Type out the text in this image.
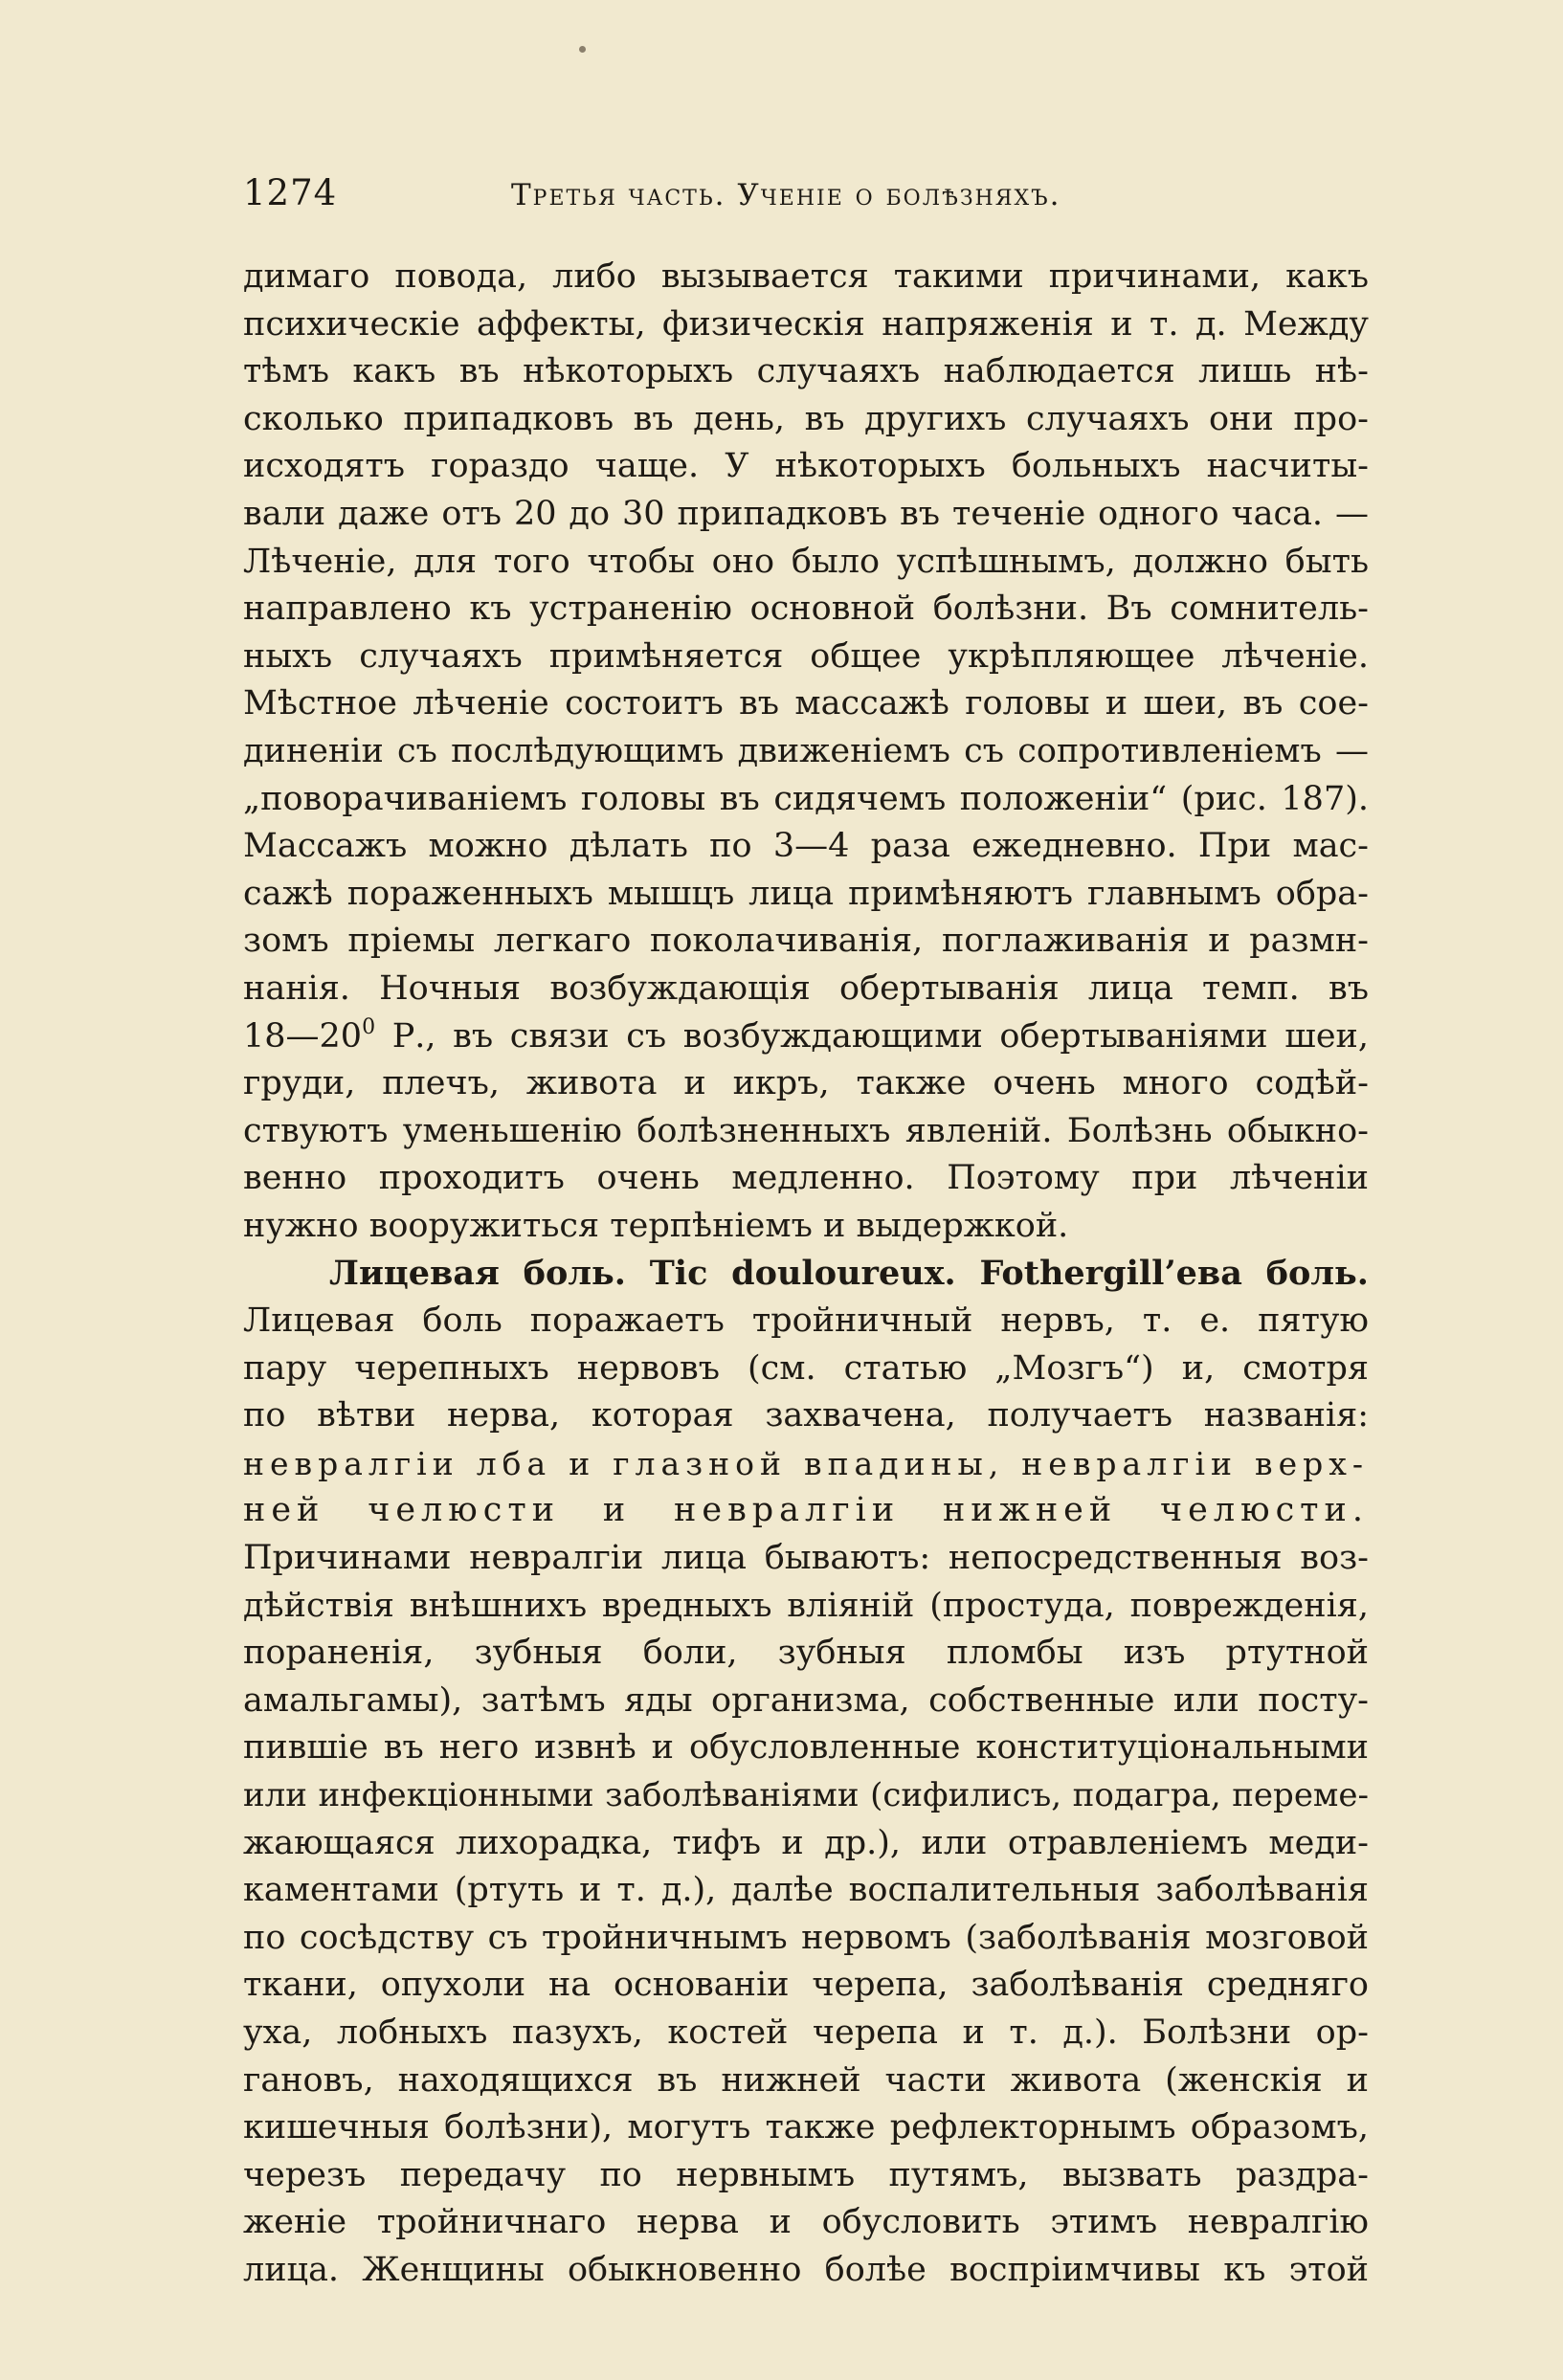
1274	Третья часть. Ученiе о болѣзняхъ.
димаго повода, либо вызывается такими причинами, какъ
психическiе аффекты, физическiя напряженiя и т. д. Между
тѣмъ какъ въ нѣкоторыхъ случаяхъ наблюдается лишь нѣ-
сколько припадковъ въ день, въ другихъ случаяхъ они про-
исходятъ гораздо чаще. У нѣкоторыхъ больныхъ насчиты-
вали даже отъ 20 до 30 припадковъ въ теченiе одного часа. —
Лѣченiе, для того чтобы оно было успѣшнымъ, должно быть
направлено къ устраненiю основной болѣзни. Въ сомнитель-
ныхъ случаяхъ примѣняется общее укрѣпляющее лѣченiе.
Мѣстное лѣченiе состоитъ въ массажѣ головы и шеи, въ сое-
диненiи съ послѣдующимъ движенiемъ съ сопротивленiемъ —
„поворачиванiемъ головы въ сидячемъ положенiи“ (рис. 187).
Массажъ можно дѣлать по 3—4 раза ежедневно. При мас-
сажѣ пораженныхъ мышцъ лица примѣняютъ главнымъ обра-
зомъ прiемы легкаго поколачиванiя, поглаживанiя и размн-
нанiя. Ночныя возбуждающiя обертыванiя лица темп. въ
$18—20^0$ Р., въ связи съ возбуждающими обертыванiями шеи,
груди, плечъ, живота и икръ, также очень много содѣй-
ствуютъ уменьшенiю болѣзненныхъ явленiй. Болѣзнь обыкно-
венно проходитъ очень медленно. Поэтому при лѣченiи
нужно вооружиться терпѣнiемъ и выдержкой.
Лицевая боль. Tic douloureux. Fothergill’ева боль.
Лицевая боль поражаетъ тройничный нервъ, т. е. пятую
пару черепныхъ нервовъ (см. статью „Мозгъ“) и, смотря
по вѣтви нерва, которая захвачена, получаетъ названiя:
невралгiи лба и глазной впадины, невралгiи верх-
ней челюсти и невралгiи нижней челюсти.
Причинами невралгiи лица бываютъ: непосредственныя воз-
дѣйствiя внѣшнихъ вредныхъ влiянiй (простуда, поврежденiя,
пораненiя, зубныя боли, зубныя пломбы изъ ртутной
амальгамы), затѣмъ яды организма, собственные или посту-
пившiе въ него извнѣ и обусловленные конституцiональными
или инфекцiонными заболѣванiями (сифилисъ, подагра, переме-
жающаяся лихорадка, тифъ и др.), или отравленiемъ меди-
каментами (ртуть и т. д.), далѣе воспалительныя заболѣванiя
по сосѣдству съ тройничнымъ нервомъ (заболѣванiя мозговой
ткани, опухоли на основанiи черепа, заболѣванiя средняго
уха, лобныхъ пазухъ, костей черепа и т. д.). Болѣзни ор-
гановъ, находящихся въ нижней части живота (женскiя и
кишечныя болѣзни), могутъ также рефлекторнымъ образомъ,
черезъ передачу по нервнымъ путямъ, вызвать раздра-
женiе тройничнаго нерва и обусловить этимъ невралгiю
лица. Женщины обыкновенно болѣе воспрiимчивы къ этой
